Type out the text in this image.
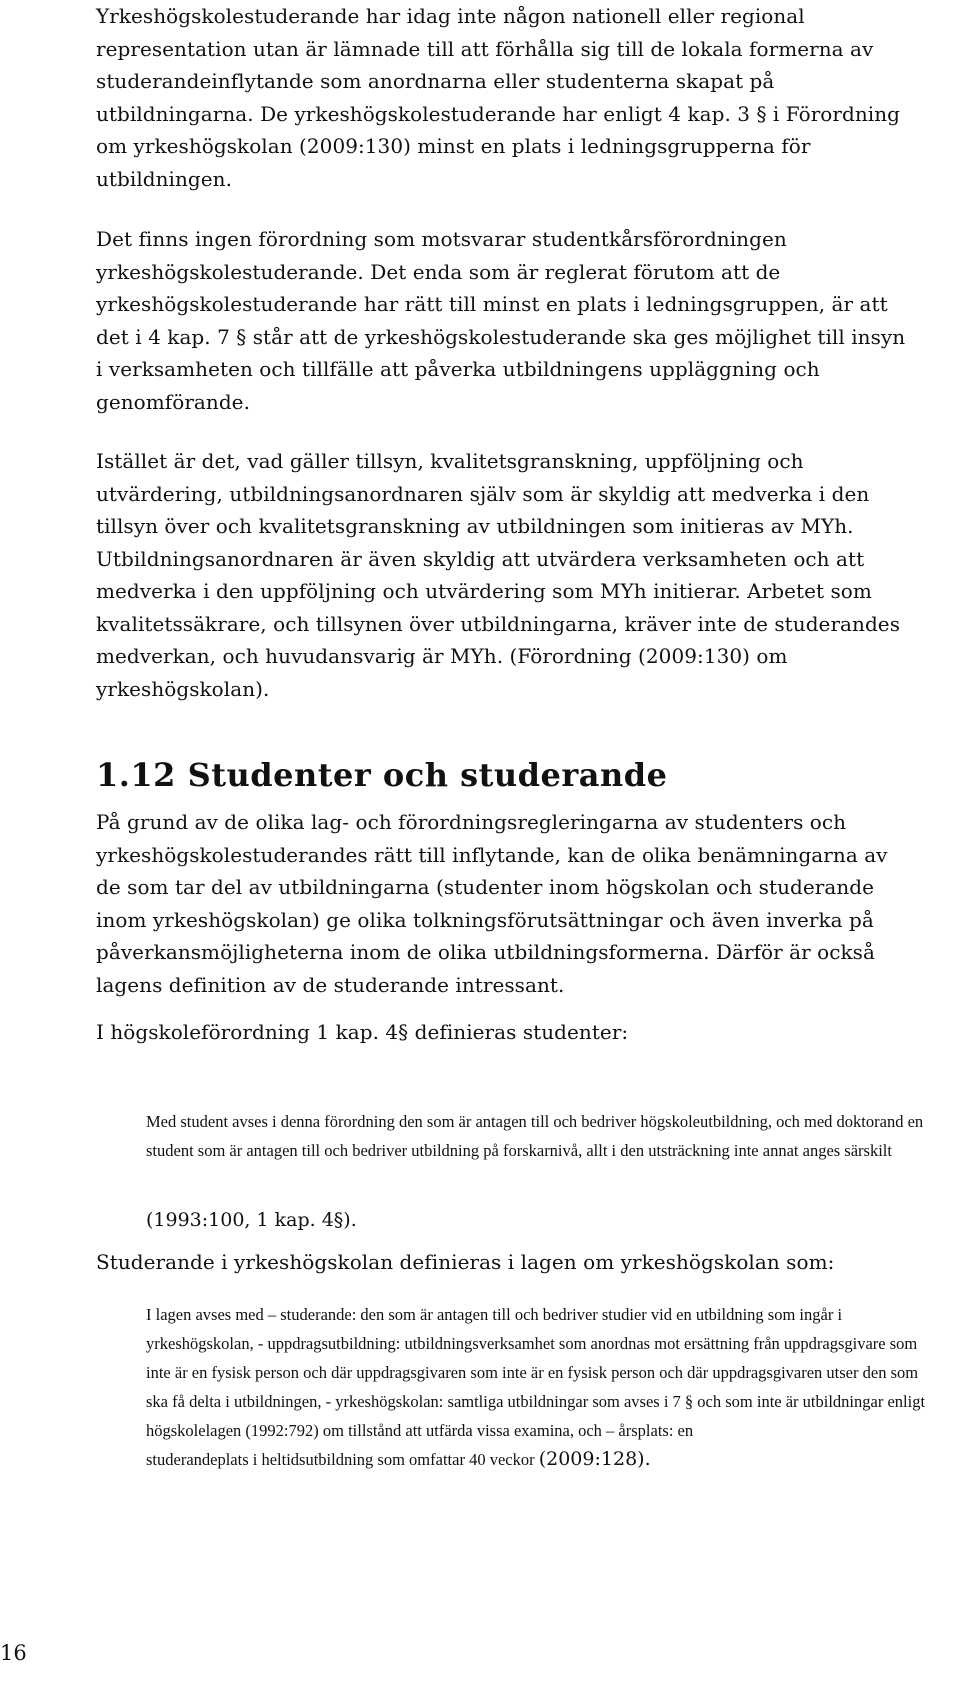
Yrkeshögskolestuderande har idag inte någon nationell eller regional representation utan är lämnade till att förhålla sig till de lokala formerna av studerandeinflytande som anordnarna eller studenterna skapat på utbildningarna. De yrkeshögskolestuderande har enligt 4 kap. 3 § i Förordning om yrkeshögskolan (2009:130) minst en plats i ledningsgrupperna för utbildningen.

Det finns ingen förordning som motsvarar studentkårsförordningen yrkeshögskolestuderande. Det enda som är reglerat förutom att de yrkeshögskolestuderande har rätt till minst en plats i ledningsgruppen, är att det i 4 kap. 7 § står att de yrkeshögskolestuderande ska ges möjlighet till insyn i verksamheten och tillfälle att påverka utbildningens uppläggning och genomförande.

Istället är det, vad gäller tillsyn, kvalitetsgranskning, uppföljning och utvärdering, utbildningsanordnaren själv som är skyldig att medverka i den tillsyn över och kvalitetsgranskning av utbildningen som initieras av MYh. Utbildningsanordnaren är även skyldig att utvärdera verksamheten och att medverka i den uppföljning och utvärdering som MYh initierar. Arbetet som kvalitetssäkrare, och tillsynen över utbildningarna, kräver inte de studerandes medverkan, och huvudansvarig är MYh. (Förordning (2009:130) om yrkeshögskolan).

1.12 Studenter och studerande

På grund av de olika lag- och förordningsregleringarna av studenters och yrkeshögskolestuderandes rätt till inflytande, kan de olika benämningarna av de som tar del av utbildningarna (studenter inom högskolan och studerande inom yrkeshögskolan) ge olika tolkningsförutsättningar och även inverka på påverkansmöjligheterna inom de olika utbildningsformerna. Därför är också lagens definition av de studerande intressant.

I högskoleförordning 1 kap. 4§ definieras studenter:

Med student avses i denna förordning den som är antagen till och bedriver högskoleutbildning, och med doktorand en student som är antagen till och bedriver utbildning på forskarnivå, allt i den utsträckning inte annat anges särskilt

(1993:100, 1 kap. 4§).

Studerande i yrkeshögskolan definieras i lagen om yrkeshögskolan som:

I lagen avses med – studerande: den som är antagen till och bedriver studier vid en utbildning som ingår i yrkeshögskolan, - uppdragsutbildning: utbildningsverksamhet som anordnas mot ersättning från uppdragsgivare som inte är en fysisk person och där uppdragsgivaren som inte är en fysisk person och där uppdragsgivaren utser den som ska få delta i utbildningen, - yrkeshögskolan: samtliga utbildningar som avses i 7 § och som inte är utbildningar enligt högskolelagen (1992:792) om tillstånd att utfärda vissa examina, och – årsplats: en

studerandeplats i heltidsutbildning som omfattar 40 veckor (2009:128).

16
